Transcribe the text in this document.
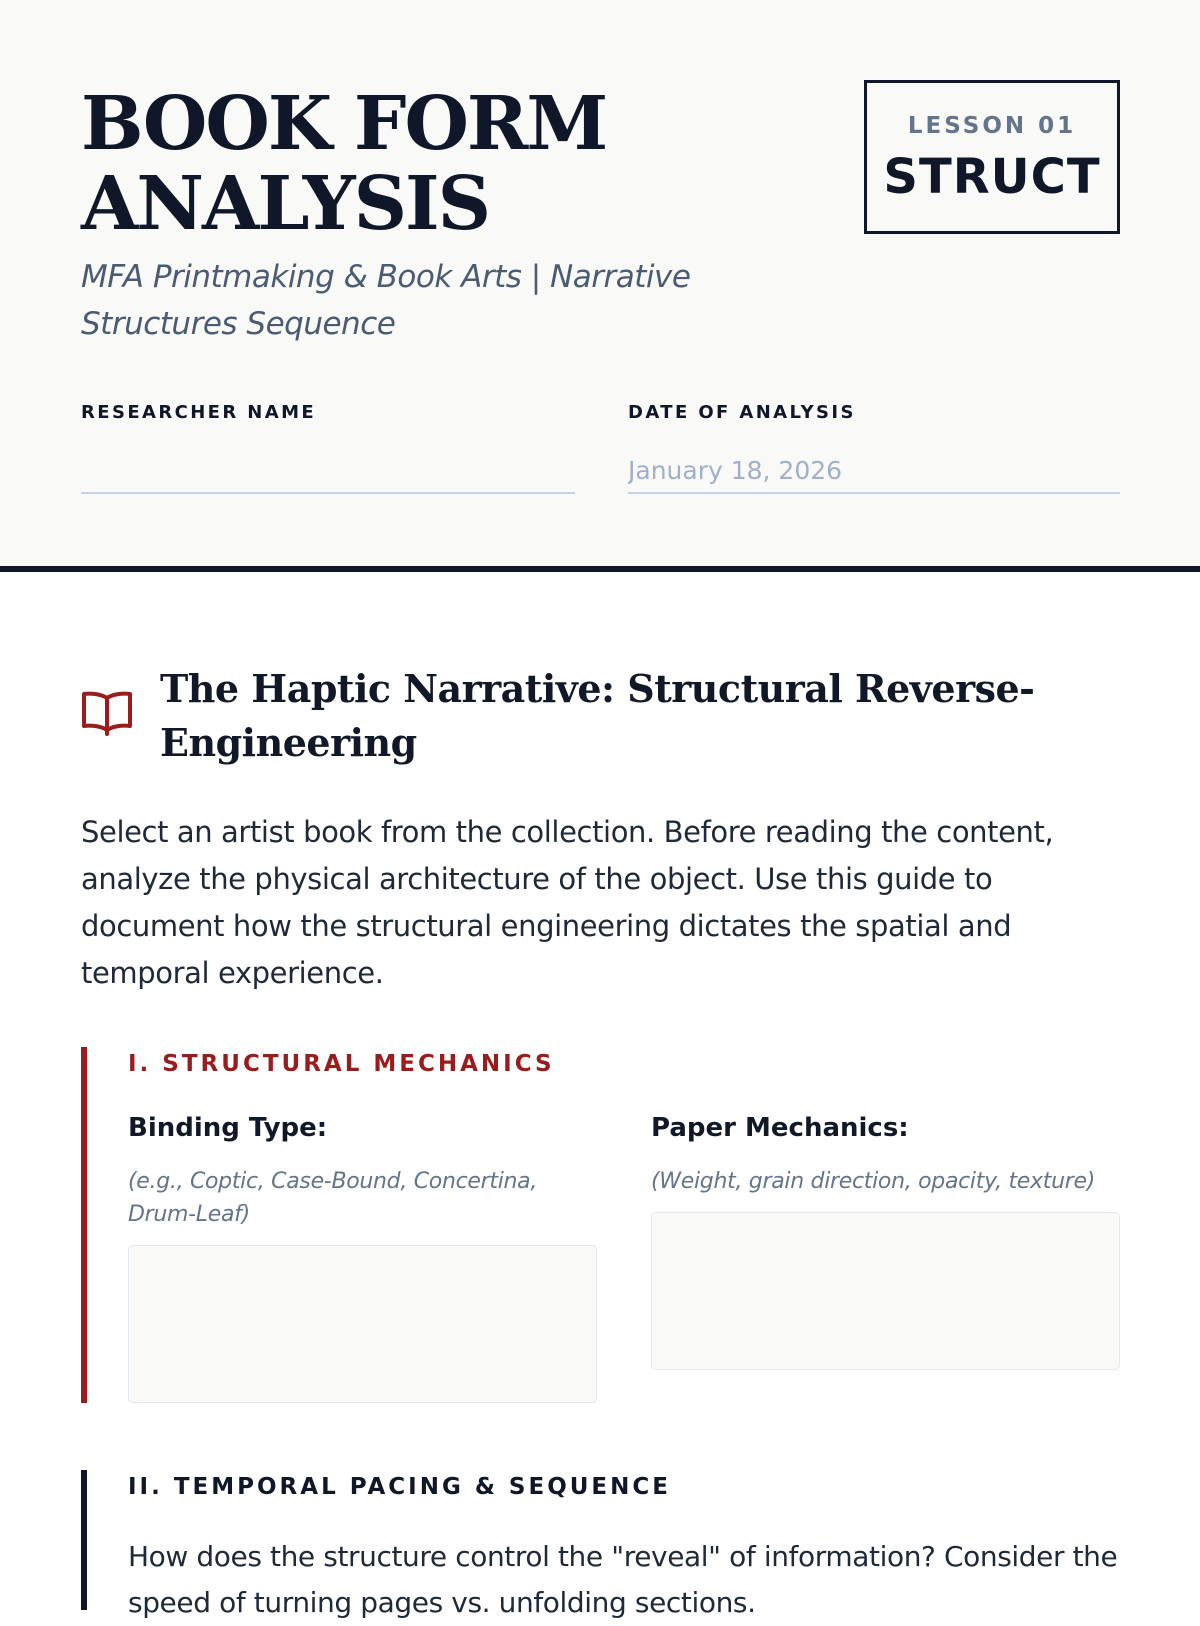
BOOK FORM
ANALYSIS

MFA Printmaking & Book Arts | Narrative Structures Sequence

LESSON 01
STRUCT
RESEARCHER NAME	DATE OF ANALYSIS
January 18, 2026
The Haptic Narrative: Structural Reverse-Engineering

Select an artist book from the collection. Before reading the content, analyze the physical architecture of the object. Use this guide to document how the structural engineering dictates the spatial and temporal experience.

I. STRUCTURAL MECHANICS
Binding Type:
(e.g., Coptic, Case-Bound, Concertina, Drum-Leaf)
Paper Mechanics:
(Weight, grain direction, opacity, texture)
II. TEMPORAL PACING & SEQUENCE

How does the structure control the "reveal" of information? Consider the speed of turning pages vs. unfolding sections.
